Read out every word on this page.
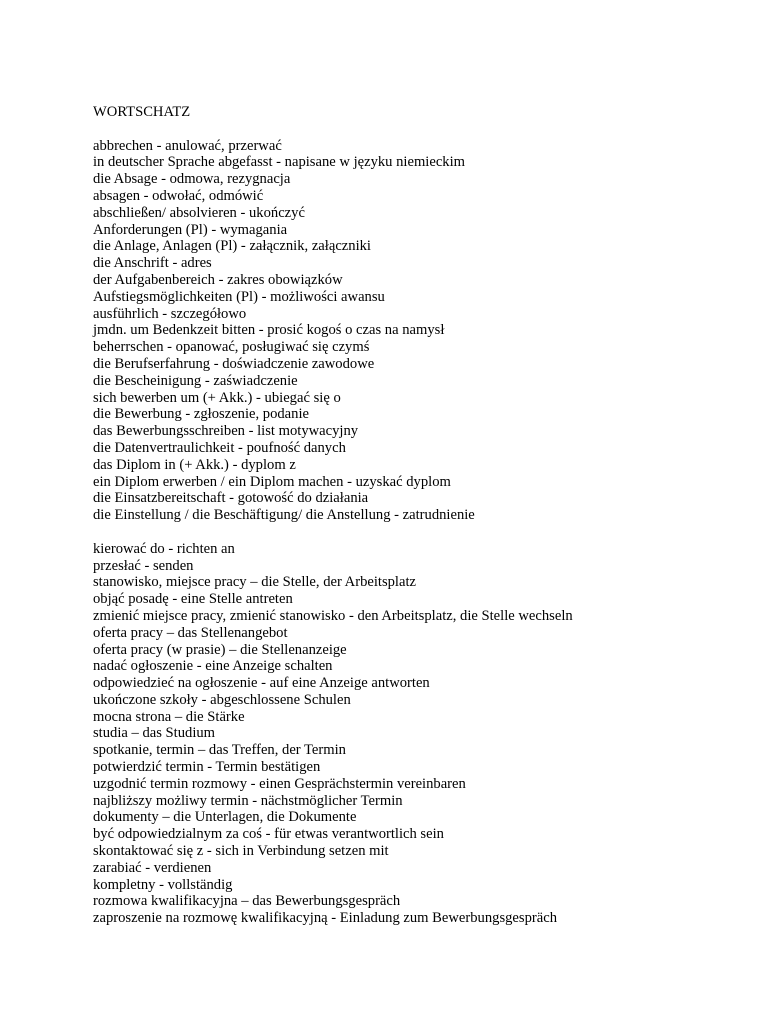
WORTSCHATZ
abbrechen - anulować, przerwać
in deutscher Sprache abgefasst - napisane w języku niemieckim
die Absage - odmowa, rezygnacja
absagen - odwołać, odmówić
abschließen/ absolvieren - ukończyć
Anforderungen (Pl) - wymagania
die Anlage, Anlagen (Pl) - załącznik, załączniki
die Anschrift - adres
der Aufgabenbereich - zakres obowiązków
Aufstiegsmöglichkeiten (Pl) - możliwości awansu
ausführlich - szczegółowo
jmdn. um Bedenkzeit bitten - prosić kogoś o czas na namysł
beherrschen - opanować, posługiwać się czymś
die Berufserfahrung - doświadczenie zawodowe
die Bescheinigung - zaświadczenie
sich bewerben um (+ Akk.) - ubiegać się o
die Bewerbung - zgłoszenie, podanie
das Bewerbungsschreiben - list motywacyjny
die Datenvertraulichkeit - poufność danych
das Diplom in (+ Akk.) - dyplom z
ein Diplom erwerben / ein Diplom machen - uzyskać dyplom
die Einsatzbereitschaft - gotowość do działania
die Einstellung / die Beschäftigung/ die Anstellung - zatrudnienie
kierować do - richten an
przesłać - senden
stanowisko, miejsce pracy – die Stelle, der Arbeitsplatz
objąć posadę - eine Stelle antreten
zmienić miejsce pracy, zmienić stanowisko - den Arbeitsplatz, die Stelle wechseln
oferta pracy – das Stellenangebot
oferta pracy (w prasie) – die Stellenanzeige
nadać ogłoszenie - eine Anzeige schalten
odpowiedzieć na ogłoszenie - auf eine Anzeige antworten
ukończone szkoły - abgeschlossene Schulen
mocna strona – die Stärke
studia – das Studium
spotkanie, termin – das Treffen, der Termin
potwierdzić termin - Termin bestätigen
uzgodnić termin rozmowy - einen Gesprächstermin vereinbaren
najbliższy możliwy termin - nächstmöglicher Termin
dokumenty – die Unterlagen, die Dokumente
być odpowiedzialnym za coś - für etwas verantwortlich sein
skontaktować się z - sich in Verbindung setzen mit
zarabiać - verdienen
kompletny - vollständig
rozmowa kwalifikacyjna – das Bewerbungsgespräch
zaproszenie na rozmowę kwalifikacyjną - Einladung zum Bewerbungsgespräch
